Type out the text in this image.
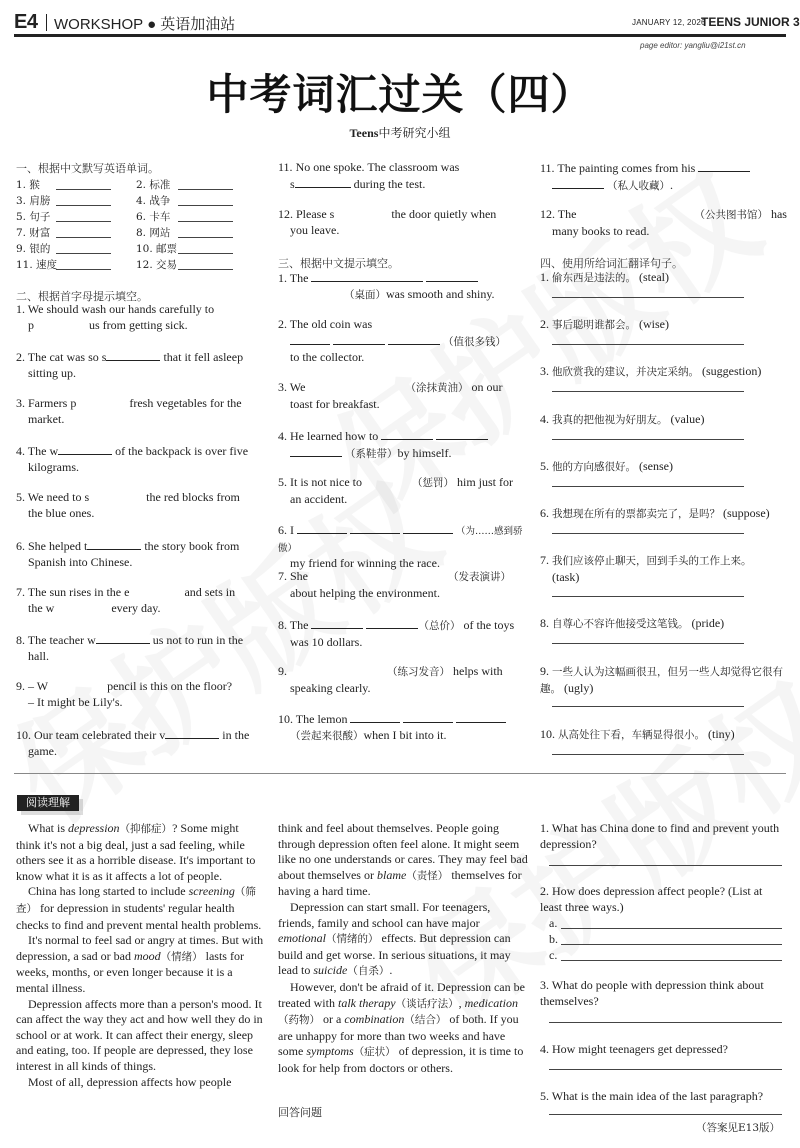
E4 WORKSHOP ● 英语加油站	JANUARY 12, 2026
TEENS JUNIOR 3
page editor: yangliu@i21st.cn
中考词汇过关（四）
Teens中考研究小组
一、根据中文默写英语单词。
1. 猴	2. 标准
3. 肩膀	4. 战争
5. 句子	6. 卡车
7. 财富	8. 网站
9. 银的	10. 邮票
11. 速度	12. 交易
二、根据首字母提示填空。
1. We should wash our hands carefully to
p	us from getting sick.
2. The cat was so s	that it fell asleep
sitting up.
3. Farmers p	fresh vegetables for the
market.
4. The w	of the backpack is over five
kilograms.
5. We need to s	the red blocks from
the blue ones.
6. She helped t	the story book from
Spanish into Chinese.
7. The sun rises in the e	and sets in
the w	every day.
8. The teacher w	us not to run in the
hall.
9. – W	pencil is this on the floor?
– It might be Lily's.
10. Our team celebrated their v	in the
game.
11. No one spoke. The classroom was
s	during the test.
12. Please s	the door quietly when
you leave.
三、根据中文提示填空。
1. The
（桌面）was smooth and shiny.
2. The old coin was
（值很多钱）
to the collector.
3. We	（涂抹黄油） on our
toast for breakfast.
4. He learned how to
（系鞋带）by himself.
5. It is not nice to	（惩罚） him just for
an accident.
6. I	（为……感到骄傲）
my friend for winning the race.
7. She	（发表演讲）
about helping the environment.
8. The	（总价） of the toys
was 10 dollars.
9.	（练习发音） helps with
speaking clearly.
10. The lemon
（尝起来很酸）when I bit into it.
11. The painting comes from his
（私人收藏）.
12. The	（公共图书馆） has
many books to read.
四、使用所给词汇翻译句子。
1. 偷东西是违法的。 (steal)
2. 事后聪明谁都会。 (wise)
3. 他欣赏我的建议，并决定采纳。 (suggestion)
4. 我真的把他视为好朋友。 (value)
5. 他的方向感很好。 (sense)
6. 我想现在所有的票都卖完了，是吗？ (suppose)
7. 我们应该停止聊天，回到手头的工作上来。
(task)
8. 自尊心不容许他接受这笔钱。 (pride)
9. 一些人认为这幅画很丑，但另一些人却觉得它很有趣。 (ugly)
10. 从高处往下看，车辆显得很小。 (tiny)
阅读理解

What is depression（抑郁症）? Some might think it's not a big deal, just a sad feeling, while others see it as a horrible disease. It's important to know what it is as it affects a lot of people.

China has long started to include screening（筛查） for depression in students' regular health checks to find and prevent mental health problems.

It's normal to feel sad or angry at times. But with depression, a sad or bad mood（情绪） lasts for weeks, months, or even longer because it is a mental illness.

Depression affects more than a person's mood. It can affect the way they act and how well they do in school or at work. It can affect their energy, sleep and eating, too. If people are depressed, they lose interest in all kinds of things.

Most of all, depression affects how people

think and feel about themselves. People going through depression often feel alone. It might seem like no one understands or cares. They may feel bad about themselves or blame（责怪） themselves for having a hard time.

Depression can start small. For teenagers, friends, family and school can have major emotional（情绪的） effects. But depression can build and get worse. In serious situations, it may lead to suicide（自杀）.

However, don't be afraid of it. Depression can be treated with talk therapy（谈话疗法）, medication（药物） or a combination（结合） of both. If you are unhappy for more than two weeks and have some symptoms（症状） of depression, it is time to look for help from doctors or others.

回答问题
1. What has China done to find and prevent youth depression?
2. How does depression affect people? (List at least three ways.)
a.
b.
c.
3. What do people with depression think about themselves?
4. How might teenagers get depressed?
5. What is the main idea of the last paragraph?
（答案见E13版）
